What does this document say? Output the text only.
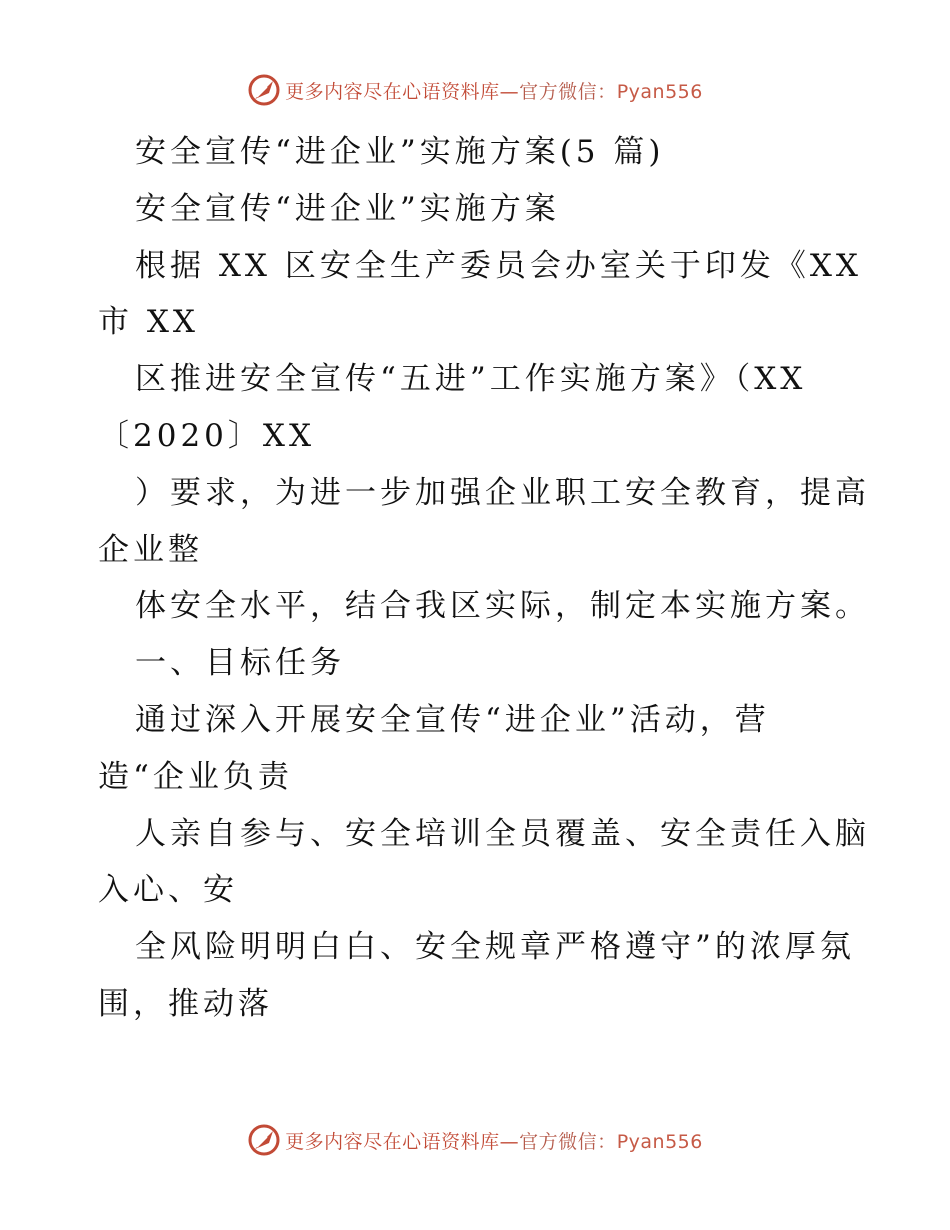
更多内容尽在心语资料库—官方微信：Pyan556
安全宣传“进企业”实施方案(5 篇)
安全宣传“进企业”实施方案
根据 XX 区安全生产委员会办室关于印发《XX
市 XX
区推进安全宣传“五进”工作实施方案》（XX
〔2020〕XX
）要求，为进一步加强企业职工安全教育，提高
企业整
体安全水平，结合我区实际，制定本实施方案。
一、目标任务
通过深入开展安全宣传“进企业”活动，营
造“企业负责
人亲自参与、安全培训全员覆盖、安全责任入脑
入心、安
全风险明明白白、安全规章严格遵守”的浓厚氛
围，推动落
更多内容尽在心语资料库—官方微信：Pyan556
